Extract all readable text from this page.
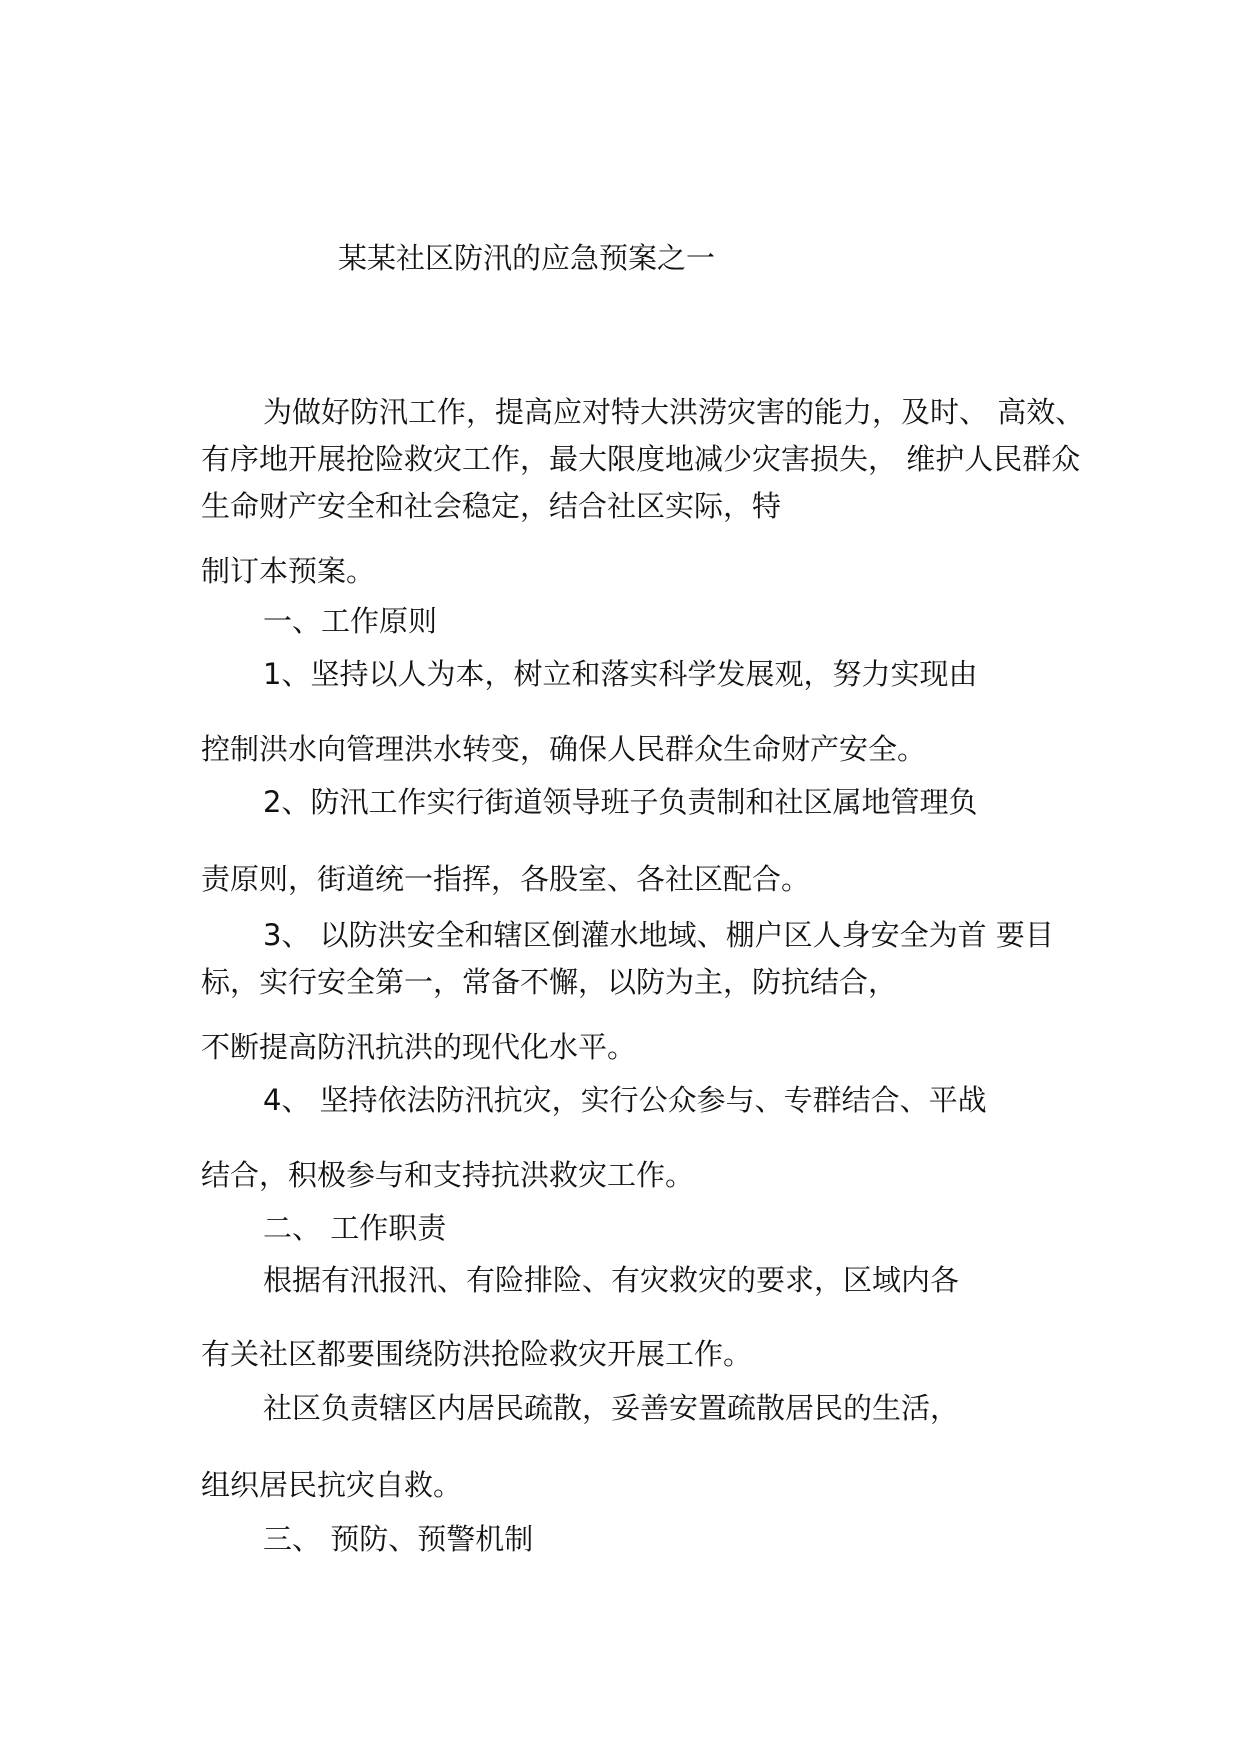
某某社区防汛的应急预案之一
为做好防汛工作，提高应对特大洪涝灾害的能力，及时、 高效、
有序地开展抢险救灾工作，最大限度地减少灾害损失， 维护人民群众
生命财产安全和社会稳定，结合社区实际，特
制订本预案。
一、工作原则
1、坚持以人为本，树立和落实科学发展观，努力实现由
控制洪水向管理洪水转变，确保人民群众生命财产安全。
2、防汛工作实行街道领导班子负责制和社区属地管理负
责原则，街道统一指挥，各股室、各社区配合。
3、 以防洪安全和辖区倒灌水地域、棚户区人身安全为首 要目
标，实行安全第一，常备不懈，以防为主，防抗结合，
不断提高防汛抗洪的现代化水平。
4、 坚持依法防汛抗灾，实行公众参与、专群结合、平战
结合，积极参与和支持抗洪救灾工作。
二、 工作职责
根据有汛报汛、有险排险、有灾救灾的要求，区域内各
有关社区都要围绕防洪抢险救灾开展工作。
社区负责辖区内居民疏散，妥善安置疏散居民的生活，
组织居民抗灾自救。
三、 预防、预警机制
